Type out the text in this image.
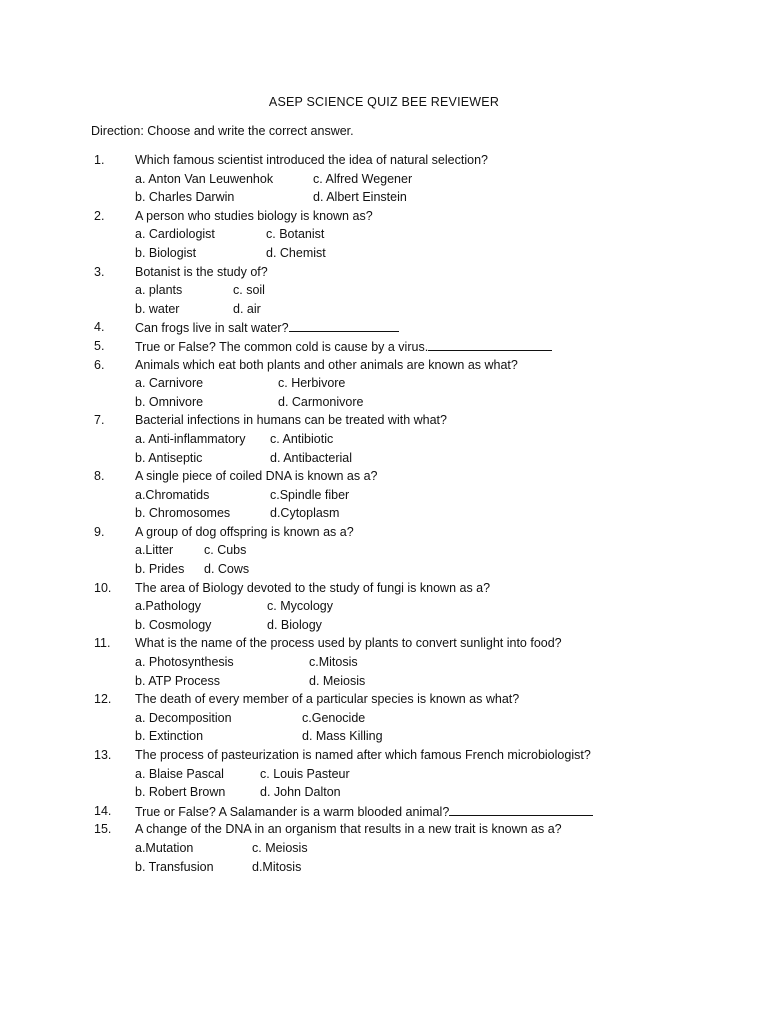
ASEP SCIENCE QUIZ BEE REVIEWER
Direction: Choose and write the correct answer.
1.	Which famous scientist introduced the idea of natural selection?
a. Anton Van Leuwenhok	c. Alfred Wegener
b. Charles Darwin	d. Albert Einstein
2.	A person who studies biology is known as?
a. Cardiologist	c. Botanist
b. Biologist	d. Chemist
3.	Botanist is the study of?
a. plants	c. soil
b. water	d. air
4.	Can frogs live in salt water?
5.	True or False? The common cold is cause by a virus.
6.	Animals which eat both plants and other animals are known as what?
a. Carnivore	c. Herbivore
b. Omnivore	d. Carmonivore
7.	Bacterial infections in humans can be treated with what?
a. Anti-inflammatory c. Antibiotic
b. Antiseptic	d. Antibacterial
8.	A single piece of coiled DNA is known as a?
a.Chromatids	c.Spindle fiber
b. Chromosomes	d.Cytoplasm
9.	A group of dog offspring is known as a?
a.Litter c. Cubs
b. Prides d. Cows
10.	The area of Biology devoted to the study of fungi is known as a?
a.Pathology	c. Mycology
b. Cosmology	d. Biology
11.	What is the name of the process used by plants to convert sunlight into food?
a. Photosynthesis	c.Mitosis
b. ATP Process	d. Meiosis
12.	The death of every member of a particular species is known as what?
a. Decomposition	c.Genocide
b. Extinction	d. Mass Killing
13.	The process of pasteurization is named after which famous French microbiologist?
a. Blaise Pascal	c. Louis Pasteur
b. Robert Brown	d. John Dalton
14.	True or False? A Salamander is a warm blooded animal?
15.	A change of the DNA in an organism that results in a new trait is known as a?
a.Mutation	c. Meiosis
b. Transfusion	d.Mitosis
